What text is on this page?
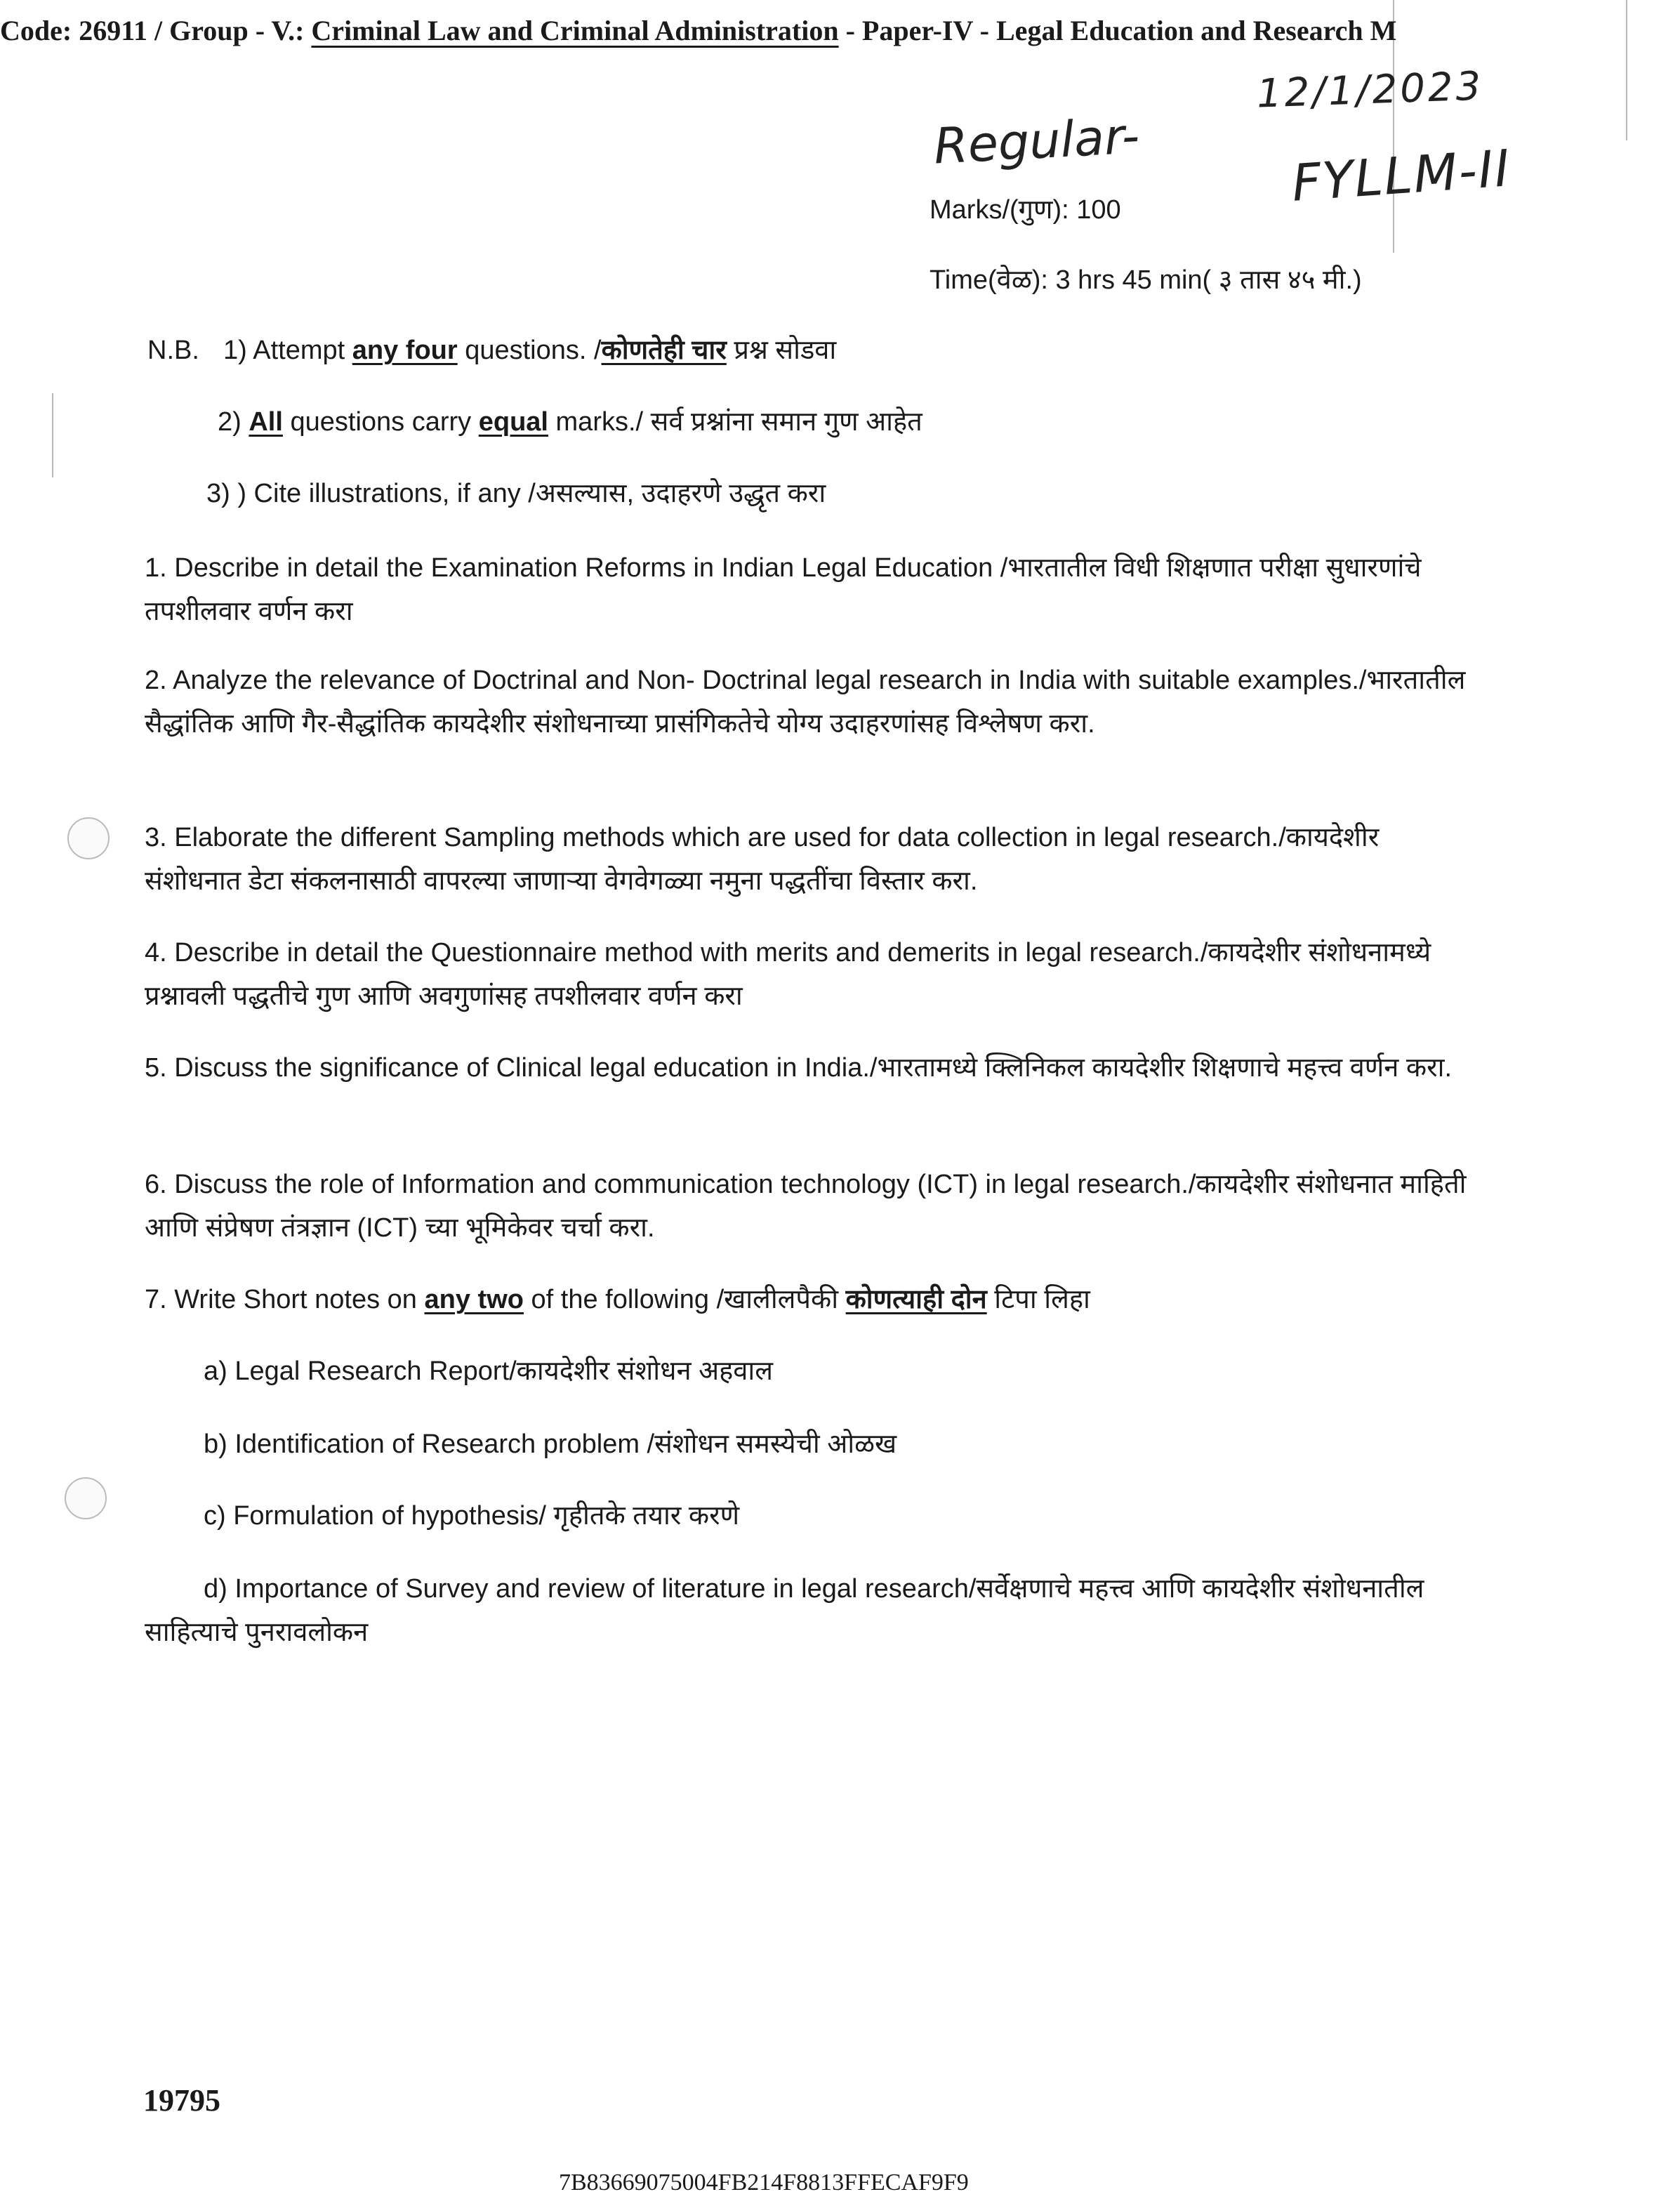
Code: 26911 / Group - V.: Criminal Law and Criminal Administration - Paper-IV - Legal Education and Research M
12/1/2023
Regular-	FYLLM-II
Marks/(गुण): 100
Time(वेळ): 3 hrs 45 min( ३ तास ४५ मी.)
N.B. 1) Attempt any four questions. /कोणतेही चार प्रश्न सोडवा
2) All questions carry equal marks./ सर्व प्रश्नांना समान गुण आहेत
3) ) Cite illustrations, if any /असल्यास, उदाहरणे उद्धृत करा
1. Describe in detail the Examination Reforms in Indian Legal Education /भारतातील विधी शिक्षणात परीक्षा सुधारणांचे तपशीलवार वर्णन करा
2. Analyze the relevance of Doctrinal and Non- Doctrinal legal research in India with suitable examples./भारतातील सैद्धांतिक आणि गैर-सैद्धांतिक कायदेशीर संशोधनाच्या प्रासंगिकतेचे योग्य उदाहरणांसह विश्लेषण करा.
3. Elaborate the different Sampling methods which are used for data collection in legal research./कायदेशीर संशोधनात डेटा संकलनासाठी वापरल्या जाणाऱ्या वेगवेगळ्या नमुना पद्धतींचा विस्तार करा.
4. Describe in detail the Questionnaire method with merits and demerits in legal research./कायदेशीर संशोधनामध्ये प्रश्नावली पद्धतीचे गुण आणि अवगुणांसह तपशीलवार वर्णन करा
5. Discuss the significance of Clinical legal education in India./भारतामध्ये क्लिनिकल कायदेशीर शिक्षणाचे महत्त्व वर्णन करा.
6. Discuss the role of Information and communication technology (ICT) in legal research./कायदेशीर संशोधनात माहिती आणि संप्रेषण तंत्रज्ञान (ICT) च्या भूमिकेवर चर्चा करा.
7. Write Short notes on any two of the following /खालीलपैकी कोणत्याही दोन टिपा लिहा
a) Legal Research Report/कायदेशीर संशोधन अहवाल
b) Identification of Research problem /संशोधन समस्येची ओळख
c) Formulation of hypothesis/ गृहीतके तयार करणे
d) Importance of Survey and review of literature in legal research/सर्वेक्षणाचे महत्त्व आणि कायदेशीर संशोधनातील साहित्याचे पुनरावलोकन
19795
7B83669075004FB214F8813FFECAF9F9
